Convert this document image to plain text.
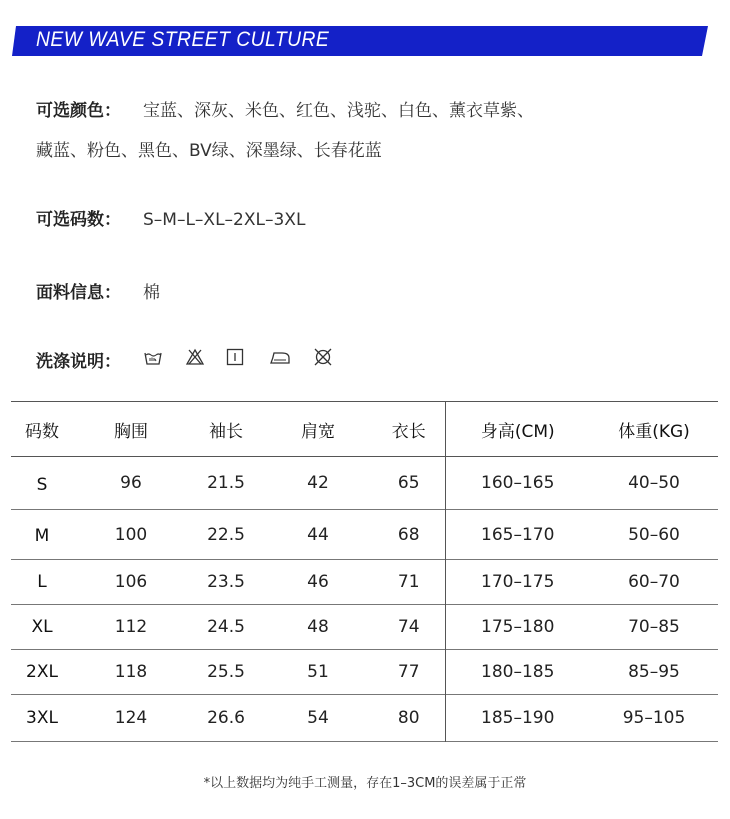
NEW WAVE STREET CULTURE
可选颜色： 宝蓝、深灰、米色、红色、浅驼、白色、薰衣草紫、
藏蓝、粉色、黑色、BV绿、深墨绿、长春花蓝
可选码数： S–M–L–XL–2XL–3XL
面料信息： 棉
洗涤说明：
码数	胸围	袖长	肩宽	衣长	身高(CM)	体重(KG)
S	96	21.5	42	65	160–165	40–50
M	100	22.5	44	68	165–170	50–60
L	106	23.5	46	71	170–175	60–70
XL	112	24.5	48	74	175–180	70–85
2XL	118	25.5	51	77	180–185	85–95
3XL	124	26.6	54	80	185–190	95–105
*以上数据均为纯手工测量，存在1–3CM的误差属于正常
